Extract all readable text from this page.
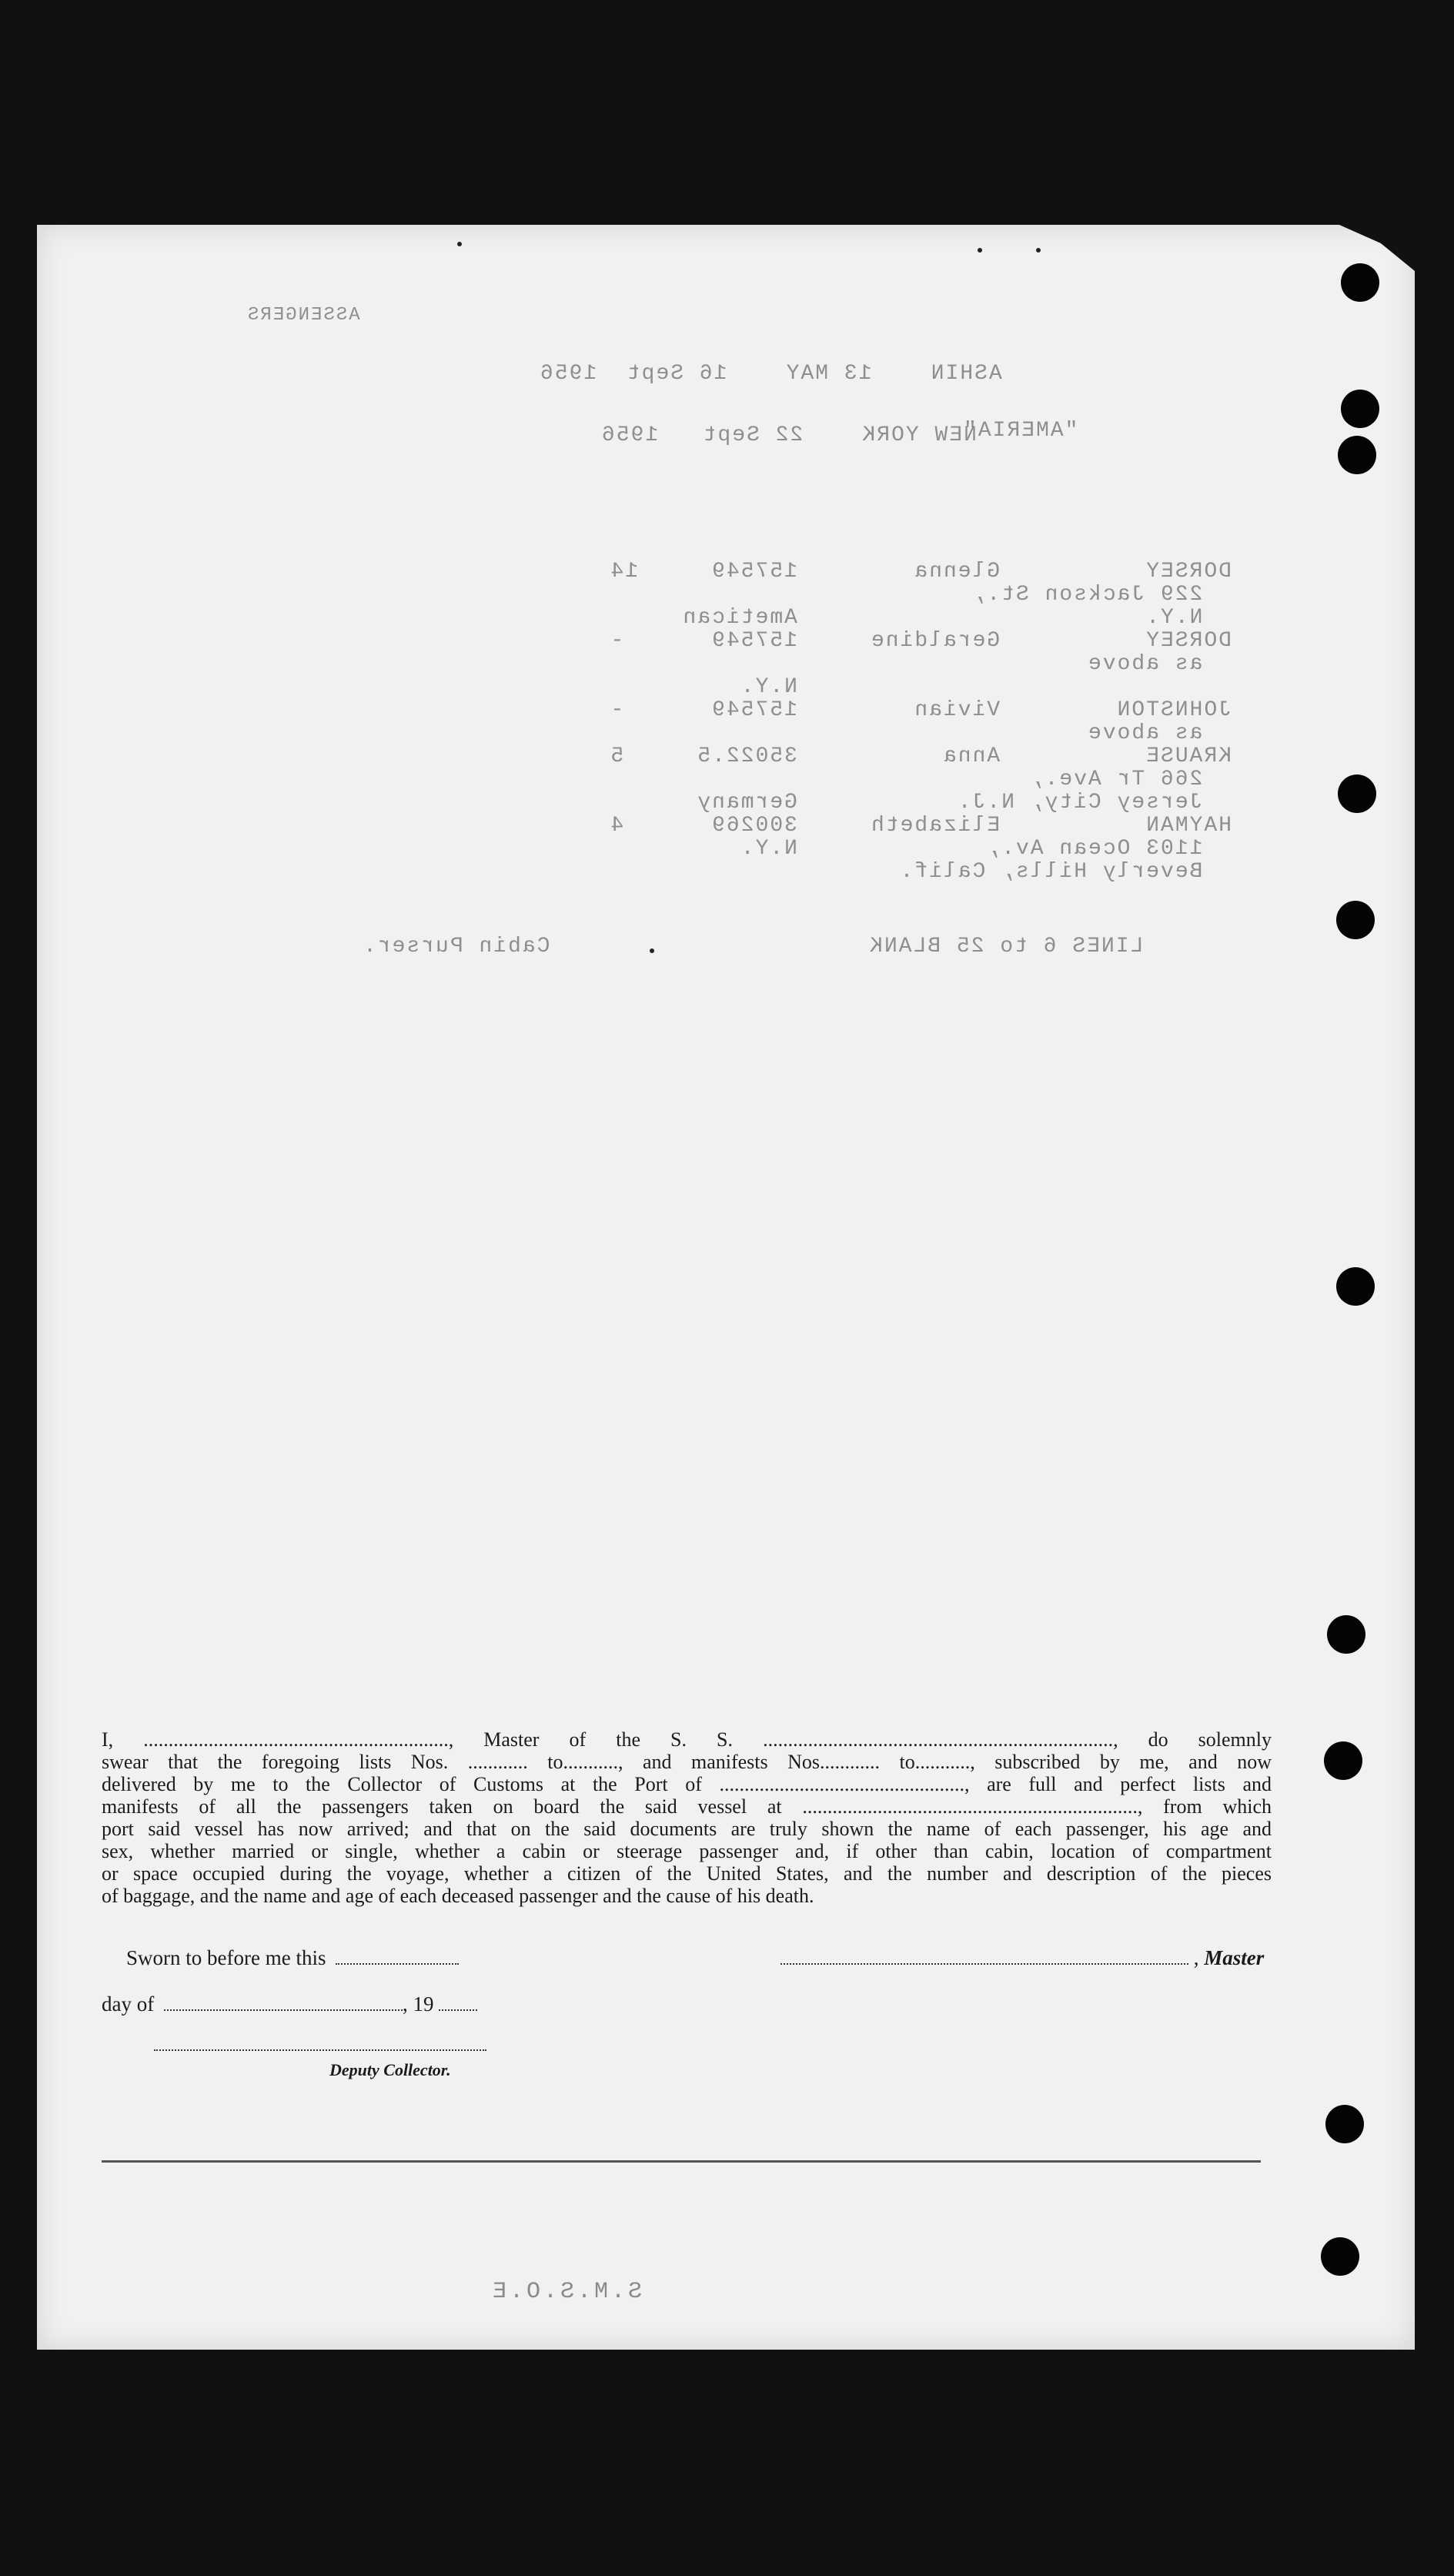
ASSENGERS
ASHIN    13 MAY    16 Sept  1956
"AMERIA"
NEW YORK    22 Sept   1956
DORSEY          Glenna        157549     14
229 Jackson St.,
N.Y.                        Ametican
DORSEY          Geraldine     157549      -
as above
N.Y.
JOHNSTON        Vivian        157549      -
as above
KRAUSE          Anna          35022.5     5
266 Tr Ave.,
Jersey City, N.J.           Germany
HAYMAN          Elizabeth     300269      4
1103 Ocean Av.,             N.Y.
Beverly Hills, Calif.
LINES 6 to 25 BLANK                      Cabin Purser.
I, ............................................................., Master of the S. S. ......................................................................, do solemnly
swear that the foregoing lists Nos. ............ to..........., and manifests Nos............ to..........., subscribed by me, and now
delivered by me to the Collector of Customs at the Port of ................................................., are full and perfect lists and
manifests of all the passengers taken on board the said vessel at ..................................................................., from which
port said vessel has now arrived; and that on the said documents are truly shown the name of each passenger, his age and
sex, whether married or single, whether a cabin or steerage passenger and, if other than cabin, location of compartment
or space occupied during the voyage, whether a citizen of the United States, and the number and description of the pieces
of baggage, and the name and age of each deceased passenger and the cause of his death.
Sworn to before me this	, Master
day of	, 19
Deputy Collector.
S.M.S.O.E
